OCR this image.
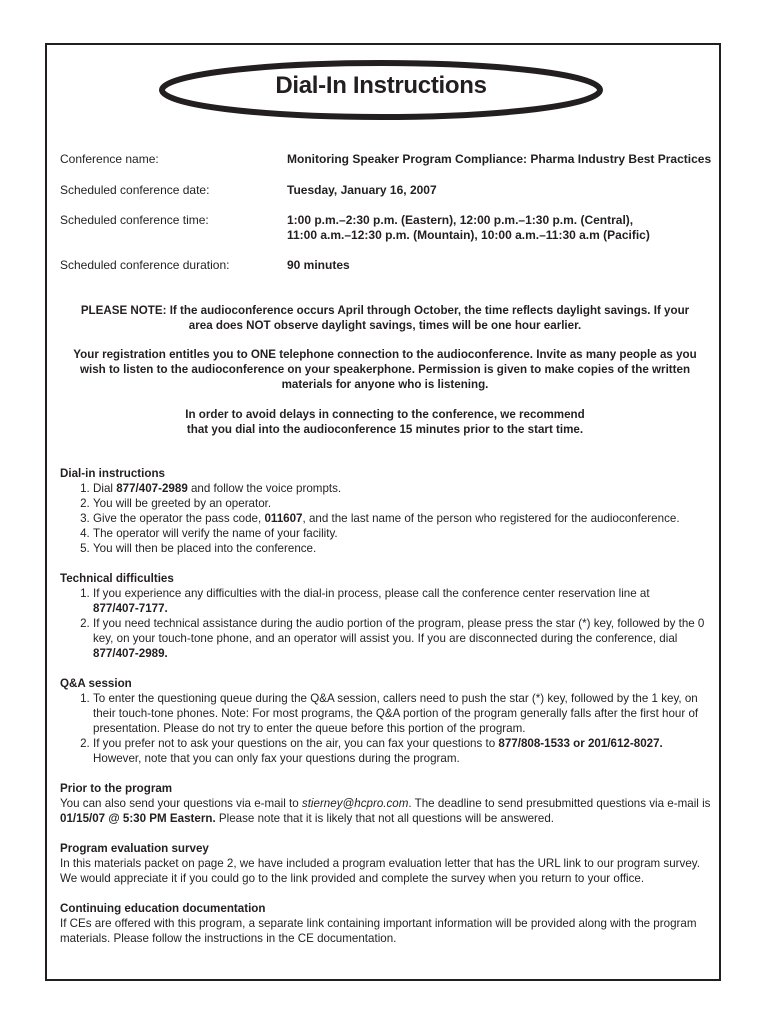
Dial-In Instructions
Conference name:	Monitoring Speaker Program Compliance: Pharma Industry Best Practices
Scheduled conference date:	Tuesday, January 16, 2007
Scheduled conference time:	1:00 p.m.–2:30 p.m. (Eastern), 12:00 p.m.–1:30 p.m. (Central),
11:00 a.m.–12:30 p.m. (Mountain), 10:00 a.m.–11:30 a.m (Pacific)
Scheduled conference duration:	90 minutes
PLEASE NOTE: If the audioconference occurs April through October, the time reflects daylight savings. If your
area does NOT observe daylight savings, times will be one hour earlier.
Your registration entitles you to ONE telephone connection to the audioconference. Invite as many people as you
wish to listen to the audioconference on your speakerphone. Permission is given to make copies of the written
materials for anyone who is listening.
In order to avoid delays in connecting to the conference, we recommend
that you dial into the audioconference 15 minutes prior to the start time.

Dial-in instructions

1. Dial 877/407-2989 and follow the voice prompts.
2. You will be greeted by an operator.
3. Give the operator the pass code, 011607, and the last name of the person who registered for the audioconference.
4. The operator will verify the name of your facility.
5. You will then be placed into the conference.

Technical difficulties

1. If you experience any difficulties with the dial-in process, please call the conference center reservation line at
877/407-7177.
2. If you need technical assistance during the audio portion of the program, please press the star (*) key, followed by the 0 key, on your touch-tone phone, and an operator will assist you. If you are disconnected during the conference, dial 877/407-2989.

Q&A session

1. To enter the questioning queue during the Q&A session, callers need to push the star (*) key, followed by the 1 key, on their touch-tone phones. Note: For most programs, the Q&A portion of the program generally falls after the first hour of presentation. Please do not try to enter the queue before this portion of the program.
2. If you prefer not to ask your questions on the air, you can fax your questions to 877/808-1533 or 201/612-8027. However, note that you can only fax your questions during the program.

Prior to the program

You can also send your questions via e-mail to stierney@hcpro.com. The deadline to send presubmitted questions via e-mail is 01/15/07 @ 5:30 PM Eastern. Please note that it is likely that not all questions will be answered.

Program evaluation survey

In this materials packet on page 2, we have included a program evaluation letter that has the URL link to our program survey. We would appreciate it if you could go to the link provided and complete the survey when you return to your office.

Continuing education documentation

If CEs are offered with this program, a separate link containing important information will be provided along with the program materials. Please follow the instructions in the CE documentation.
